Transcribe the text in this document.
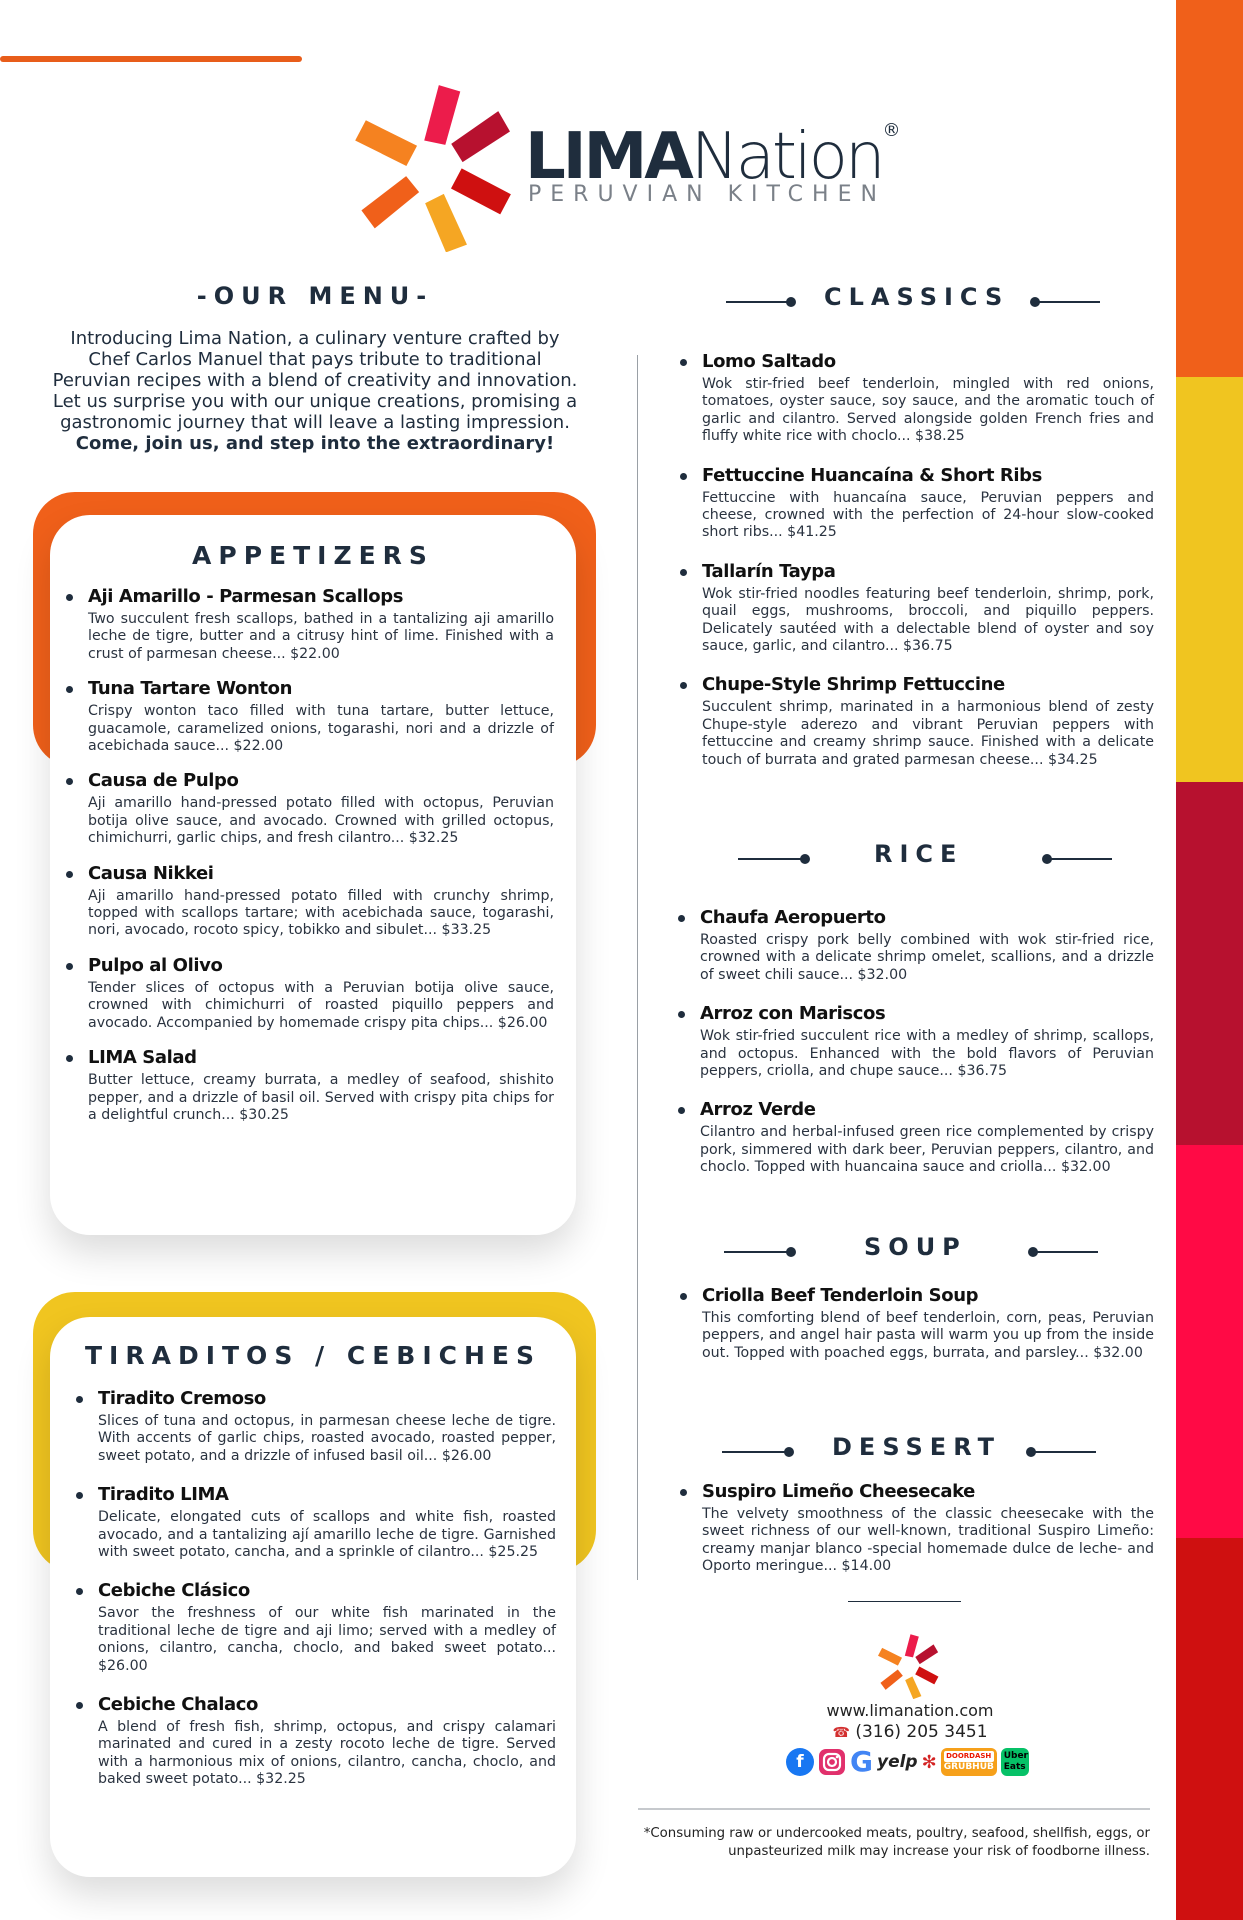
LIMANation®
PERUVIAN KITCHEN
-OUR MENU-
Introducing Lima Nation, a culinary venture crafted by
Chef Carlos Manuel that pays tribute to traditional
Peruvian recipes with a blend of creativity and innovation.
Let us surprise you with our unique creations, promising a
gastronomic journey that will leave a lasting impression.
Come, join us, and step into the extraordinary!
APPETIZERS
Aji Amarillo - Parmesan Scallops
Two succulent fresh scallops, bathed in a tantalizing aji amarillo leche de tigre, butter and a citrusy hint of lime. Finished with a crust of parmesan cheese... $22.00
Tuna Tartare Wonton
Crispy wonton taco filled with tuna tartare, butter lettuce, guacamole, caramelized onions, togarashi, nori and a drizzle of acebichada sauce... $22.00
Causa de Pulpo
Aji amarillo hand-pressed potato filled with octopus, Peruvian botija olive sauce, and avocado. Crowned with grilled octopus, chimichurri, garlic chips, and fresh cilantro... $32.25
Causa Nikkei
Aji amarillo hand-pressed potato filled with crunchy shrimp, topped with scallops tartare; with acebichada sauce, togarashi, nori, avocado, rocoto spicy, tobikko and sibulet... $33.25
Pulpo al Olivo
Tender slices of octopus with a Peruvian botija olive sauce, crowned with chimichurri of roasted piquillo peppers and avocado. Accompanied by homemade crispy pita chips... $26.00
LIMA Salad
Butter lettuce, creamy burrata, a medley of seafood, shishito pepper, and a drizzle of basil oil. Served with crispy pita chips for a delightful crunch... $30.25
TIRADITOS / CEBICHES
Tiradito Cremoso
Slices of tuna and octopus, in parmesan cheese leche de tigre. With accents of garlic chips, roasted avocado, roasted pepper, sweet potato, and a drizzle of infused basil oil... $26.00
Tiradito LIMA
Delicate, elongated cuts of scallops and white fish, roasted avocado, and a tantalizing ají amarillo leche de tigre. Garnished with sweet potato, cancha, and a sprinkle of cilantro... $25.25
Cebiche Clásico
Savor the freshness of our white fish marinated in the traditional leche de tigre and aji limo; served with a medley of onions, cilantro, cancha, choclo, and baked sweet potato... $26.00
Cebiche Chalaco
A blend of fresh fish, shrimp, octopus, and crispy calamari marinated and cured in a zesty rocoto leche de tigre. Served with a harmonious mix of onions, cilantro, cancha, choclo, and baked sweet potato... $32.25
CLASSICS
Lomo Saltado
Wok stir-fried beef tenderloin, mingled with red onions, tomatoes, oyster sauce, soy sauce, and the aromatic touch of garlic and cilantro. Served alongside golden French fries and fluffy white rice with choclo... $38.25
Fettuccine Huancaína & Short Ribs
Fettuccine with huancaína sauce, Peruvian peppers and cheese, crowned with the perfection of 24-hour slow-cooked short ribs... $41.25
Tallarín Taypa
Wok stir-fried noodles featuring beef tenderloin, shrimp, pork, quail eggs, mushrooms, broccoli, and piquillo peppers. Delicately sautéed with a delectable blend of oyster and soy sauce, garlic, and cilantro... $36.75
Chupe-Style Shrimp Fettuccine
Succulent shrimp, marinated in a harmonious blend of zesty Chupe-style aderezo and vibrant Peruvian peppers with fettuccine and creamy shrimp sauce. Finished with a delicate touch of burrata and grated parmesan cheese... $34.25
RICE
Chaufa Aeropuerto
Roasted crispy pork belly combined with wok stir-fried rice, crowned with a delicate shrimp omelet, scallions, and a drizzle of sweet chili sauce... $32.00
Arroz con Mariscos
Wok stir-fried succulent rice with a medley of shrimp, scallops, and octopus. Enhanced with the bold flavors of Peruvian peppers, criolla, and chupe sauce... $36.75
Arroz Verde
Cilantro and herbal-infused green rice complemented by crispy pork, simmered with dark beer, Peruvian peppers, cilantro, and choclo. Topped with huancaina sauce and criolla... $32.00
SOUP
Criolla Beef Tenderloin Soup
This comforting blend of beef tenderloin, corn, peas, Peruvian peppers, and angel hair pasta will warm you up from the inside out. Topped with poached eggs, burrata, and parsley... $32.00
DESSERT
Suspiro Limeño Cheesecake
The velvety smoothness of the classic cheesecake with the sweet richness of our well-known, traditional Suspiro Limeño: creamy manjar blanco -special homemade dulce de leche- and Oporto meringue... $14.00
www.limanation.com
☎ (316) 205 3451
f	G yelp ✻	DOORDASH
GRUBHUB
Uber
Eats
*Consuming raw or undercooked meats, poultry, seafood, shellfish, eggs, or
unpasteurized milk may increase your risk of foodborne illness.
